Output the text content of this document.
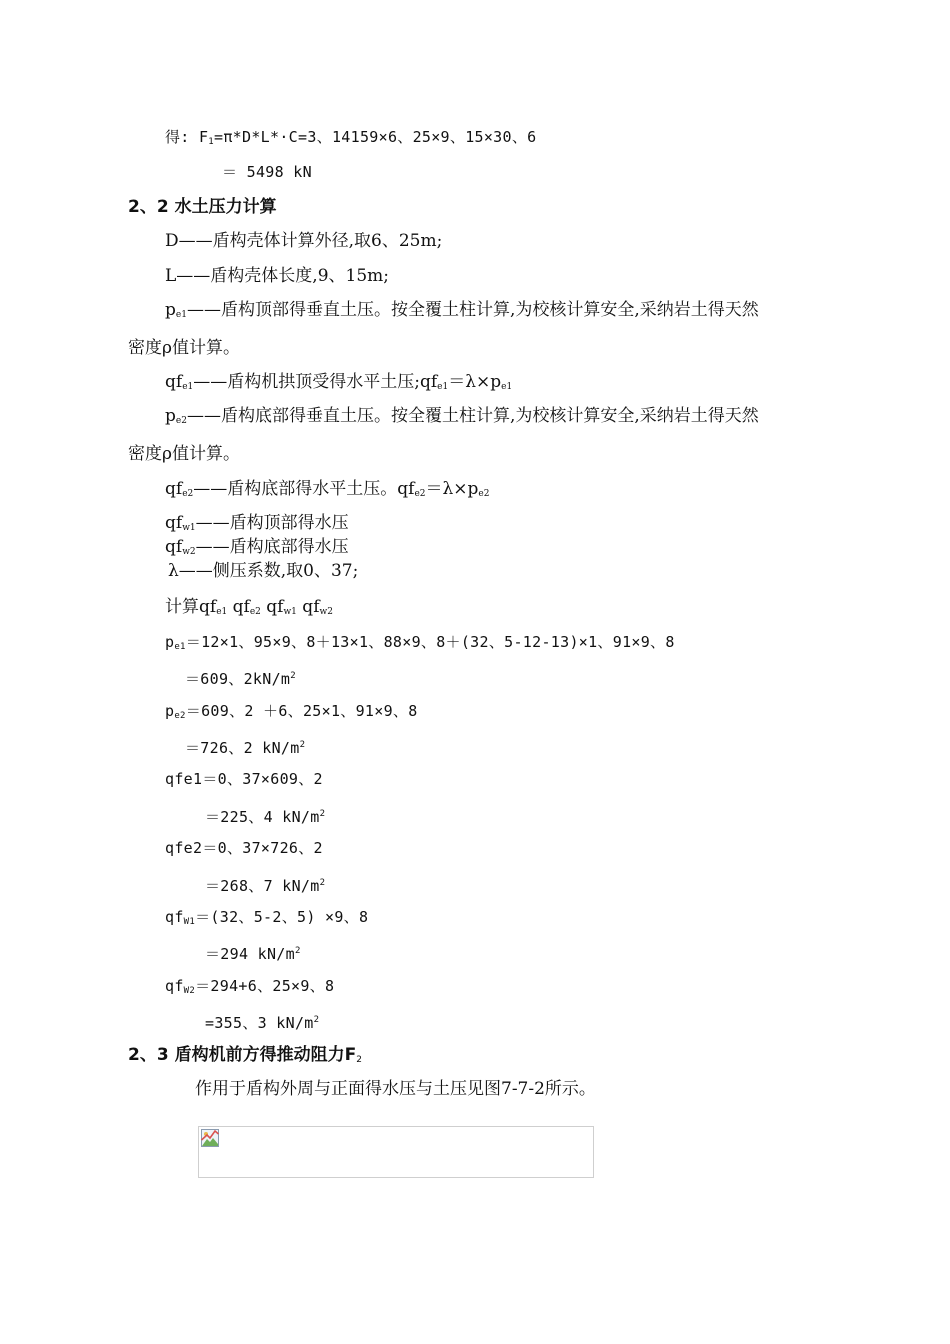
得: $F_1=\pi*D*L*\cdot C=3$、14159×6、25×9、15×30、6
＝ 5498 kN
2、2 水土压力计算
D——盾构壳体计算外径,取6、25m;
L——盾构壳体长度,9、15m;
$p_{e1}——$盾构顶部得垂直土压。按全覆土柱计算,为校核计算安全,采纳岩土得天然
密度ρ值计算。
$qf_{e1}——$盾构机拱顶受得水平土压$;qf_{e1}=\lambda\times p_{e1}$
$p_{e2}——$盾构底部得垂直土压。按全覆土柱计算,为校核计算安全,采纳岩土得天然
密度ρ值计算。
$qf_{e2}——$盾构底部得水平土压。$qf_{e2}=\lambda\times p_{e2}$
$qf_{w1}——$盾构顶部得水压
$qf_{w2}——$盾构底部得水压
λ——侧压系数,取0、37;
计算$qf_{e1}$ $qf_{e2}$ $qf_{w1}$ $qf_{w2}$
$p_{e1}=12\times 1$、95×9、8＋13×1、88×9、8＋(32、5-12-13)×1、91×9、8
＝609、$2kN/m^2$
$p_{e2}=609$、2 ＋6、25×1、91×9、8
＝726、2 $kN/m^2$
qfe1＝0、37×609、2
＝225、4 $kN/m^2$
qfe2＝0、37×726、2
＝268、7 $kN/m^2$
$qf_{W1}=(32$、5-2、5) ×9、8
＝294 $kN/m^2$
$qf_{W2}=294+6$、25×9、8
=355、3 $kN/m^2$
2、3 盾构机前方得推动阻力$F_2$
作用于盾构外周与正面得水压与土压见图7-7-2所示。
